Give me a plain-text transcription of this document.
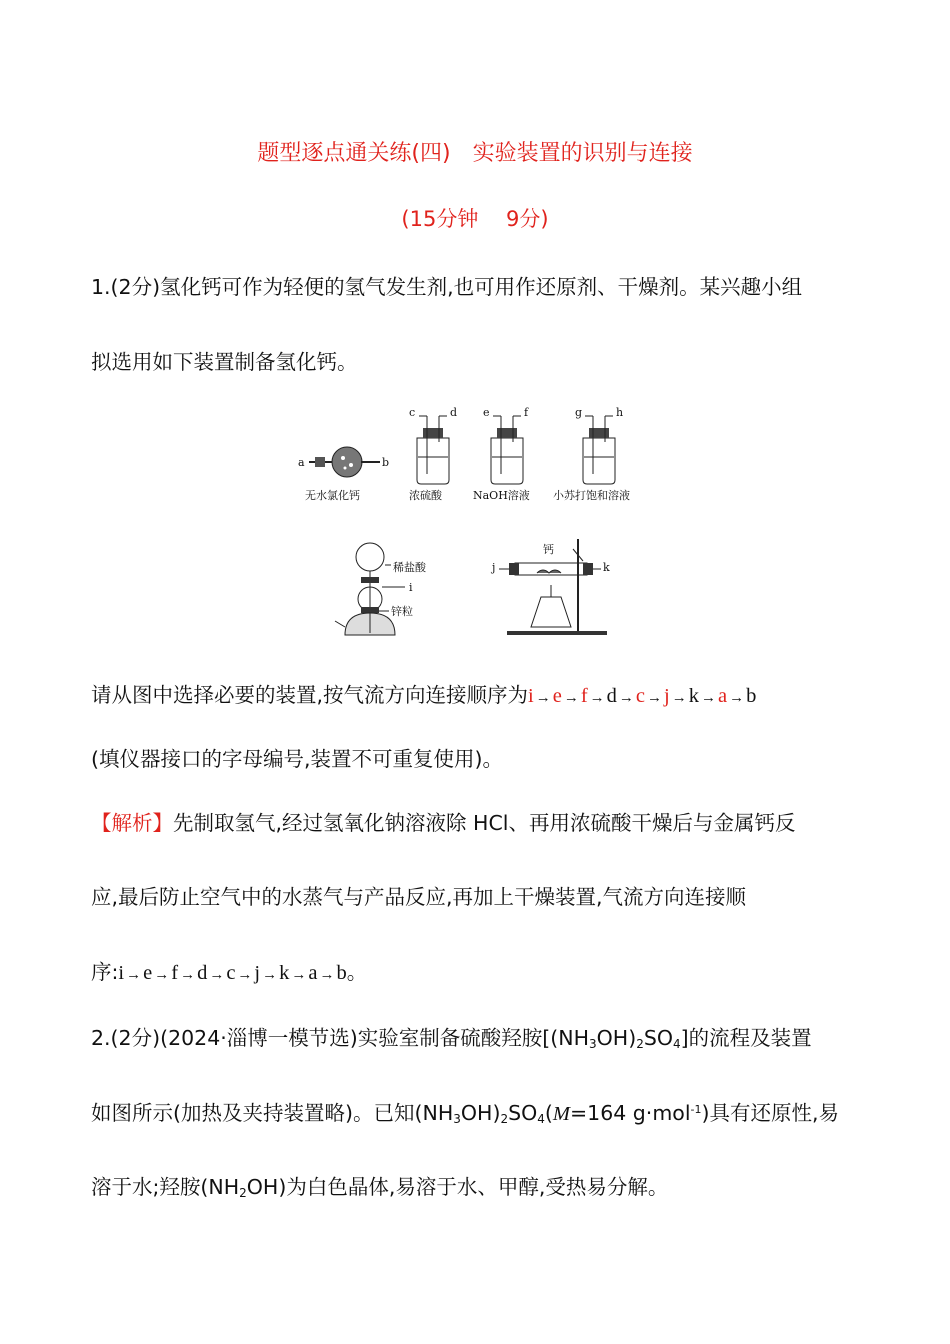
题型逐点通关练(四)　实验装置的识别与连接
(15分钟　 9分)
1.(2分)氢化钙可作为轻便的氢气发生剂,也可用作还原剂、干燥剂。某兴趣小组
拟选用如下装置制备氢化钙。
a	b
无水氯化钙
c	d
浓硫酸
e	f
NaOH溶液
g	h
小苏打饱和溶液
稀盐酸
i
锌粒
钙
j	k
请从图中选择必要的装置,按气流方向连接顺序为i →e →f →d →c →j →k →a →b
(填仪器接口的字母编号,装置不可重复使用)。
【解析】先制取氢气,经过氢氧化钠溶液除 HCl、再用浓硫酸干燥后与金属钙反
应,最后防止空气中的水蒸气与产品反应,再加上干燥装置,气流方向连接顺
序:i →e →f →d →c →j →k →a →b。
2.(2分)(2024·淄博一模节选)实验室制备硫酸羟胺$[(NH_3OH)_2SO_4]$的流程及装置
如图所示(加热及夹持装置略)。已知$(NH_3OH)_2SO_4(M=164$ g·mol$^{-1}$)具有还原性,易
溶于水;羟胺$(NH_2OH)$为白色晶体,易溶于水、甲醇,受热易分解。
